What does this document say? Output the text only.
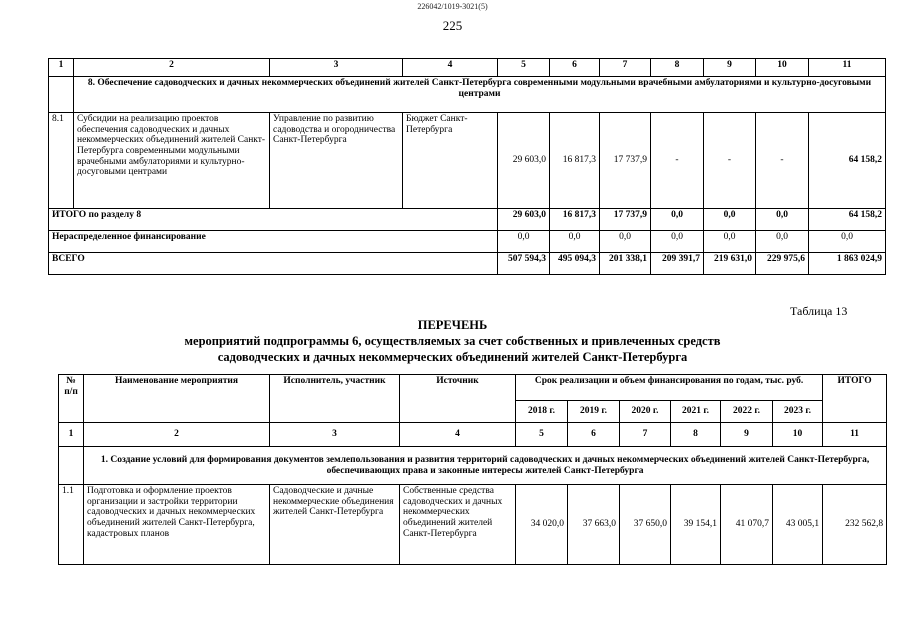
226042/1019-3021(5)
225
1	2	3	4	5	6	7	8	9	10	11
	8. Обеспечение садоводческих и дачных некоммерческих объединений жителей Санкт-Петербурга современными модульными врачебными амбулаториями и культурно-досуговыми центрами									
8.1	Субсидии на реализацию проектов обеспечения садоводческих и дачных некоммерческих объединений жителей Санкт-Петербурга современными модульными врачебными амбулаториями и культурно-досуговыми центрами	Управление по развитию садоводства и огородничества Санкт-Петербурга	Бюджет Санкт-Петербурга	29 603,0	16 817,3	17 737,9	-	-	-	64 158,2
ИТОГО по разделу 8				29 603,0	16 817,3	17 737,9	0,0	0,0	0,0	64 158,2
Нераспределенное финансирование				0,0	0,0	0,0	0,0	0,0	0,0	0,0
ВСЕГО				507 594,3	495 094,3	201 338,1	209 391,7	219 631,0	229 975,6	1 863 024,9
Таблица 13
ПЕРЕЧЕНЬ
мероприятий подпрограммы 6, осуществляемых за счет собственных и привлеченных средств
садоводческих и дачных некоммерческих объединений жителей Санкт-Петербурга
№ п/п	Наименование мероприятия	Исполнитель, участник	Источник	Срок реализации и объем финансирования по годам, тыс. руб.						ИТОГО
				2018 г.	2019 г.	2020 г.	2021 г.	2022 г.	2023 г.	
1	2	3	4	5	6	7	8	9	10	11
	1. Создание условий для формирования документов землепользования и развития территорий садоводческих и дачных некоммерческих объединений жителей Санкт-Петербурга, обеспечивающих права и законные интересы жителей Санкт-Петербурга									
1.1	Подготовка и оформление проектов организации и застройки территории садоводческих и дачных некоммерческих объединений жителей Санкт-Петербурга, кадастровых планов	Садоводческие и дачные некоммерческие объединения жителей Санкт-Петербурга	Собственные средства садоводческих и дачных некоммерческих объединений жителей Санкт-Петербурга	34 020,0	37 663,0	37 650,0	39 154,1	41 070,7	43 005,1	232 562,8
